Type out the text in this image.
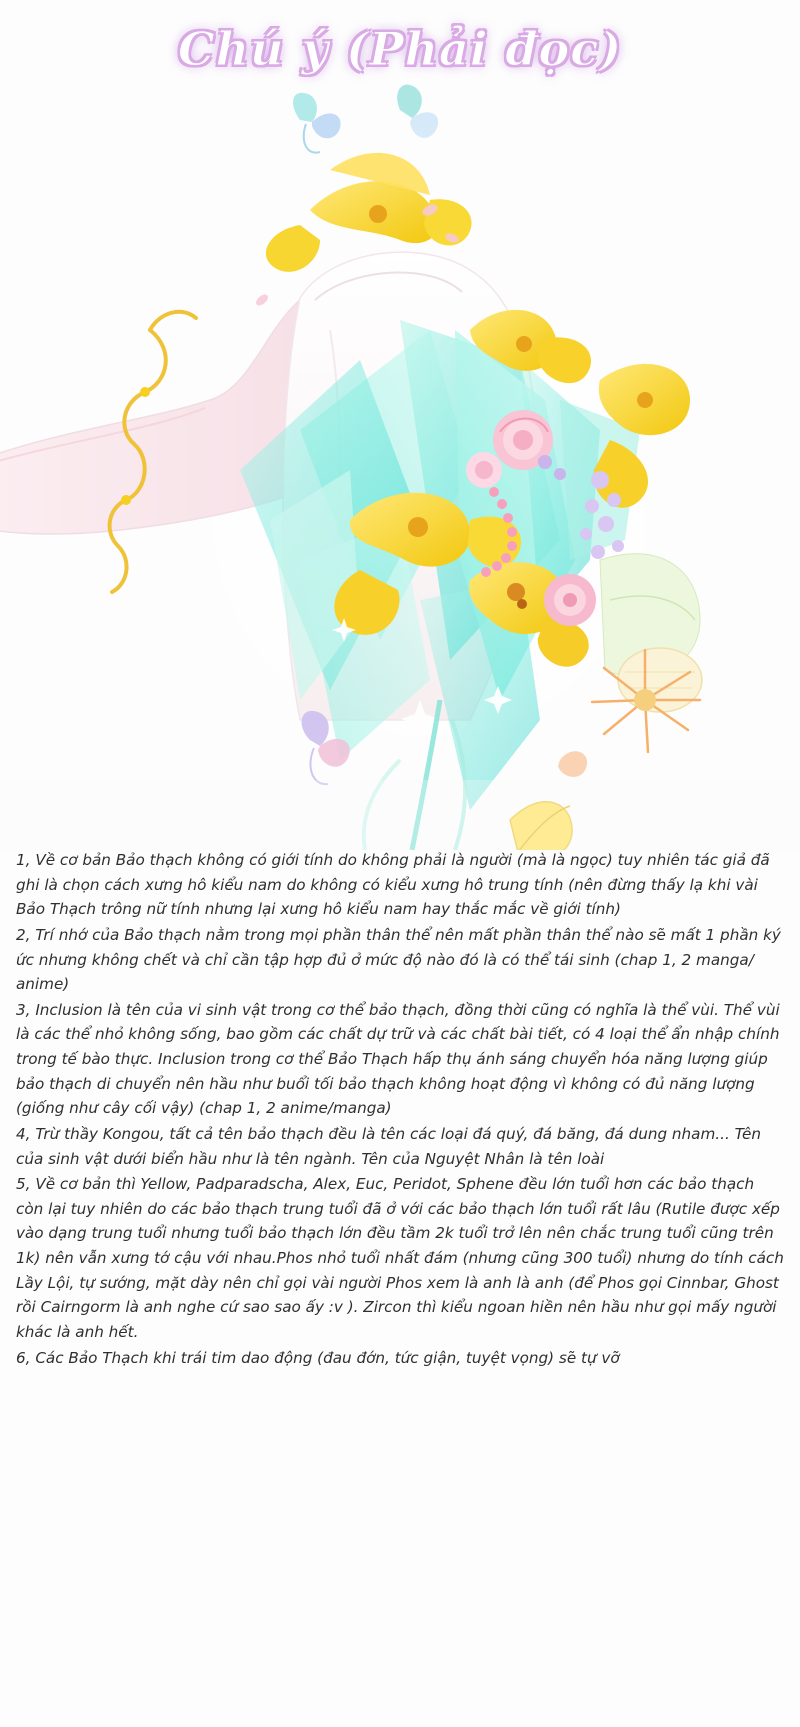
Chú ý (Phải đọc)

1, Về cơ bản Bảo thạch không có giới tính do không phải là người (mà là ngọc) tuy nhiên tác giả đã ghi là chọn cách xưng hô kiểu nam do không có kiểu xưng hô trung tính (nên đừng thấy lạ khi vài Bảo Thạch trông nữ tính nhưng lại xưng hô kiểu nam hay thắc mắc về giới tính)

2, Trí nhớ của Bảo thạch nằm trong mọi phần thân thể nên mất phần thân thể nào sẽ mất 1 phần ký ức nhưng không chết và chỉ cần tập hợp đủ ở mức độ nào đó là có thể tái sinh (chap 1, 2 manga/ anime)

3, Inclusion là tên của vi sinh vật trong cơ thể bảo thạch, đồng thời cũng có nghĩa là thể vùi. Thể vùi là các thể nhỏ không sống, bao gồm các chất dự trữ và các chất bài tiết, có 4 loại thể ẩn nhập chính trong tế bào thực. Inclusion trong cơ thể Bảo Thạch hấp thụ ánh sáng chuyển hóa năng lượng giúp bảo thạch di chuyển nên hầu như buổi tối bảo thạch không hoạt động vì không có đủ năng lượng (giống như cây cối vậy) (chap 1, 2 anime/manga)

4, Trừ thầy Kongou, tất cả tên bảo thạch đều là tên các loại đá quý, đá băng, đá dung nham... Tên của sinh vật dưới biển hầu như là tên ngành. Tên của Nguyệt Nhân là tên loài

5, Về cơ bản thì Yellow, Padparadscha, Alex, Euc, Peridot, Sphene đều lớn tuổi hơn các bảo thạch còn lại tuy nhiên do các bảo thạch trung tuổi đã ở với các bảo thạch lớn tuổi rất lâu (Rutile được xếp vào dạng trung tuổi nhưng tuổi bảo thạch lớn đều tầm 2k tuổi trở lên nên chắc trung tuổi cũng trên 1k) nên vẫn xưng tớ cậu với nhau.Phos nhỏ tuổi nhất đám (nhưng cũng 300 tuổi) nhưng do tính cách Lầy Lội, tự sướng, mặt dày nên chỉ gọi vài người Phos xem là anh là anh (để Phos gọi Cinnbar, Ghost rồi Cairngorm là anh nghe cứ sao sao ấy :v ). Zircon thì kiểu ngoan hiền nên hầu như gọi mấy người khác là anh hết.

6, Các Bảo Thạch khi trái tim dao động (đau đớn, tức giận, tuyệt vọng) sẽ tự vỡ
